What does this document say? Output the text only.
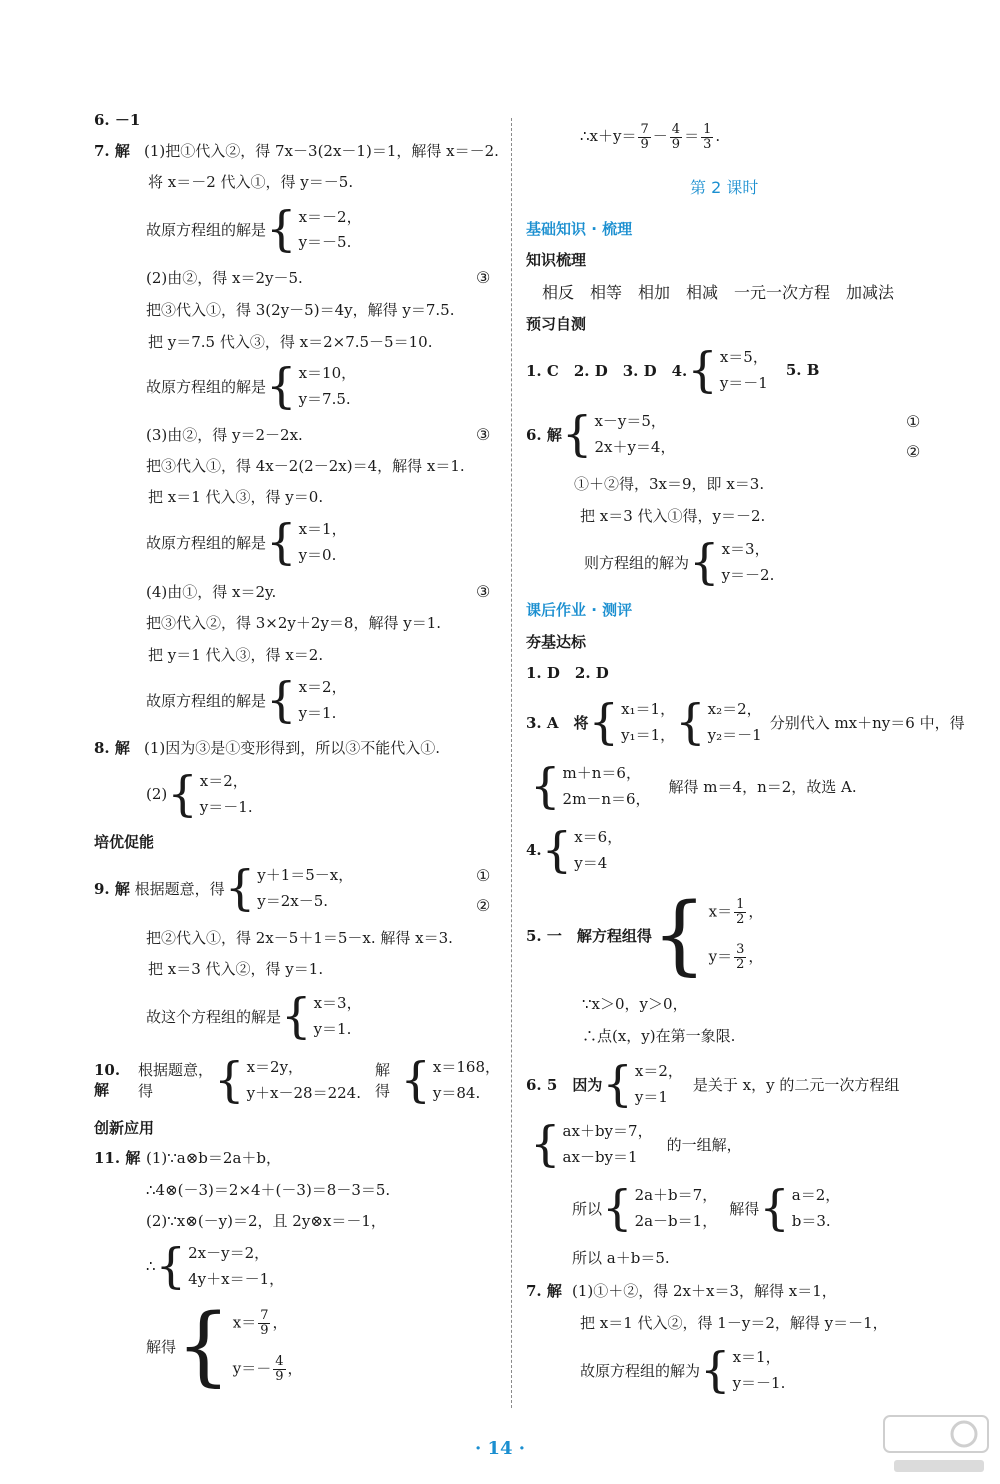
6. －1
7. 解 (1)把①代入②，得 7x－3(2x－1)＝1，解得 x＝－2.
将 x＝－2 代入①，得 y＝－5.
故原方程组的解是 { x＝－2，
y＝－5.
(2)由②，得 x＝2y－5.	③
把③代入①，得 3(2y－5)＝4y，解得 y＝7.5.
把 y＝7.5 代入③，得 x＝2×7.5－5＝10.
故原方程组的解是 { x＝10，
y＝7.5.
(3)由②，得 y＝2－2x.	③
把③代入①，得 4x－2(2－2x)＝4，解得 x＝1.
把 x＝1 代入③，得 y＝0.
故原方程组的解是 { x＝1，
y＝0.
(4)由①，得 x＝2y.	③
把③代入②，得 3×2y＋2y＝8，解得 y＝1.
把 y＝1 代入③，得 x＝2.
故原方程组的解是 { x＝2，
y＝1.
8. 解 (1)因为③是①变形得到，所以③不能代入①.
(2) { x＝2，
y＝－1.
培优促能
9. 解
根据题意，得 { y＋1＝5－x，
y＝2x－5.
①
②
把②代入①，得 2x－5＋1＝5－x. 解得 x＝3.
把 x＝3 代入②，得 y＝1.
故这个方程组的解是 { x＝3，
y＝1.
10. 解

根据题意，得	{ x＝2y，
y＋x－28＝224.
解得 { x＝168，
y＝84.
创新应用
11. 解 (1)∵a⊗b＝2a＋b，
∴4⊗(－3)＝2×4＋(－3)＝8－3＝5.
(2)∵x⊗(－y)＝2，且 2y⊗x＝－1，
∴ { 2x－y＝2，
4y＋x＝－1，
解得 { $x= \frac{7}{9}$ ，
$y=- \frac{4}{9}$ ，
∴x＋y＝ $\frac{7}{9} - \frac{4}{9} = \frac{1}{3}$ .
第 2 课时
基础知识 · 梳理
知识梳理
相反　相等　相加　相减　一元一次方程　加减法
预习自测
1. C　2. D　3. D　4. { x＝5，
y＝－1
5. B
6. 解 { x－y＝5，
2x＋y＝4，
①
②
①＋②得，3x＝9，即 x＝3.
把 x＝3 代入①得，y＝－2.
则方程组的解为 { x＝3，
y＝－2.
课后作业 · 测评
夯基达标
1. D　2. D
3. A　将 { x₁＝1，
y₁＝1， { x₂＝2，
y₂＝－1
分别代入 mx＋ny＝6 中，得
{ m＋n＝6，
2m－n＝6，
解得 m＝4，n＝2，故选 A.
4. { x＝6，
y＝4
5. 一　解方程组得 { $x= \frac{1}{2}$ ，
$y= \frac{3}{2}$ ，
∵x＞0，y＞0，
∴点(x，y)在第一象限.
6. 5　因为 { x＝2，
y＝1
是关于 x，y 的二元一次方程组
{ ax＋by＝7，
ax－by＝1
的一组解，
所以 { 2a＋b＝7，
2a－b＝1，
解得 { a＝2，
b＝3.
所以 a＋b＝5.
7. 解 (1)①＋②，得 2x＋x＝3，解得 x＝1，
把 x＝1 代入②，得 1－y＝2，解得 y＝－1，
故原方程组的解为 { x＝1，
y＝－1.
· 14 ·
